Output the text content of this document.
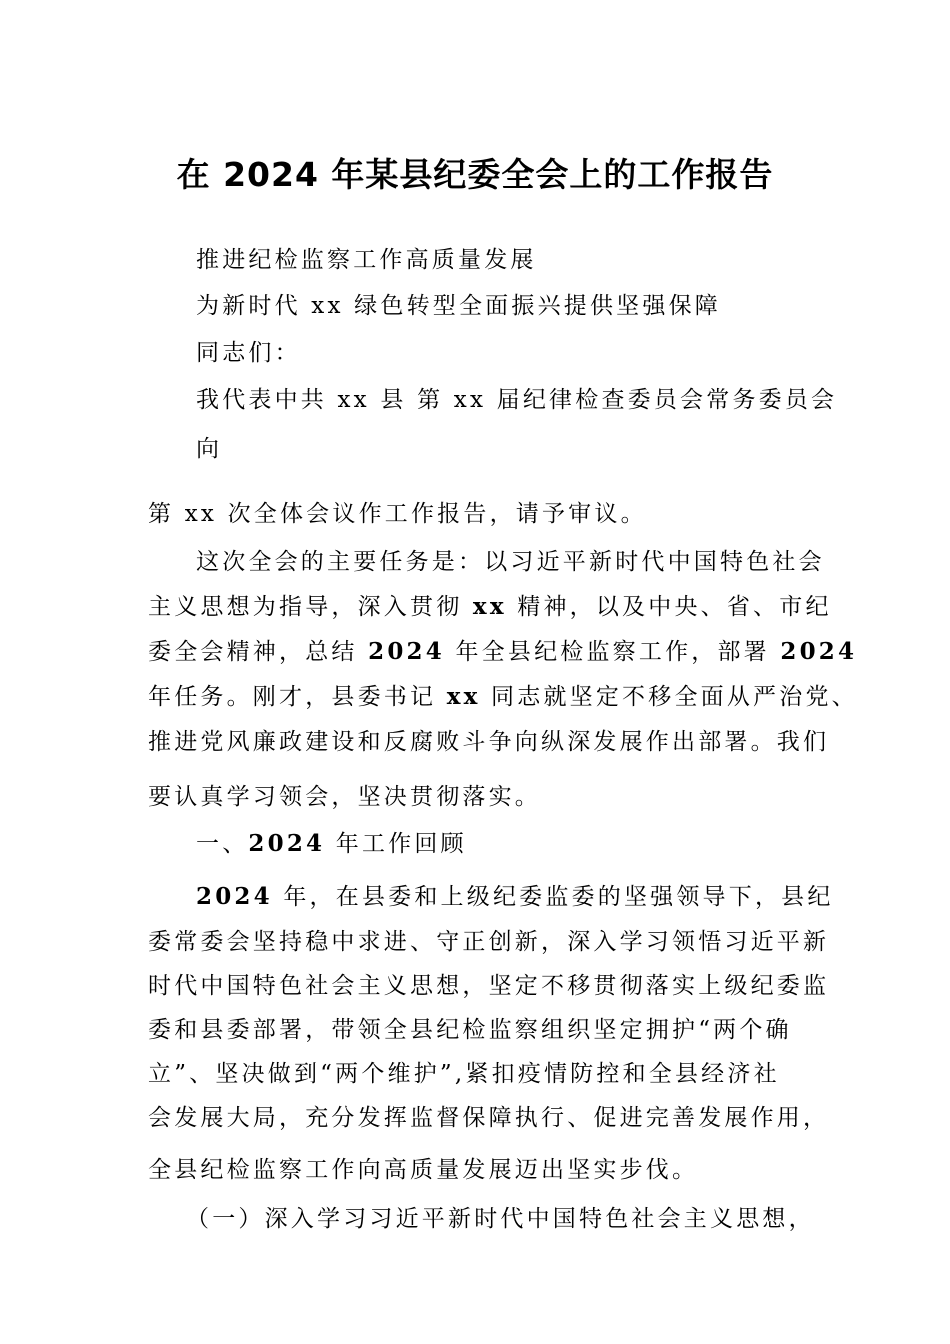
在 2024 年某县纪委全会上的工作报告
推进纪检监察工作高质量发展
为新时代 xx 绿色转型全面振兴提供坚强保障
同志们：
我代表中共 xx 县 第 xx 届纪律检查委员会常务委员会
向
第 xx 次全体会议作工作报告，请予审议。
这次全会的主要任务是：以习近平新时代中国特色社会
主义思想为指导，深入贯彻 xx 精神，以及中央、省、市纪
委全会精神，总结 2024 年全县纪检监察工作，部署 2024
年任务。刚才，县委书记 xx 同志就坚定不移全面从严治党、
推进党风廉政建设和反腐败斗争向纵深发展作出部署。我们
要认真学习领会，坚决贯彻落实。
一、2024 年工作回顾
2024 年，在县委和上级纪委监委的坚强领导下，县纪
委常委会坚持稳中求进、守正创新，深入学习领悟习近平新
时代中国特色社会主义思想，坚定不移贯彻落实上级纪委监
委和县委部署，带领全县纪检监察组织坚定拥护“两个确
立”、坚决做到“两个维护”,紧扣疫情防控和全县经济社
会发展大局，充分发挥监督保障执行、促进完善发展作用，
全县纪检监察工作向高质量发展迈出坚实步伐。
（一）深入学习习近平新时代中国特色社会主义思想，
